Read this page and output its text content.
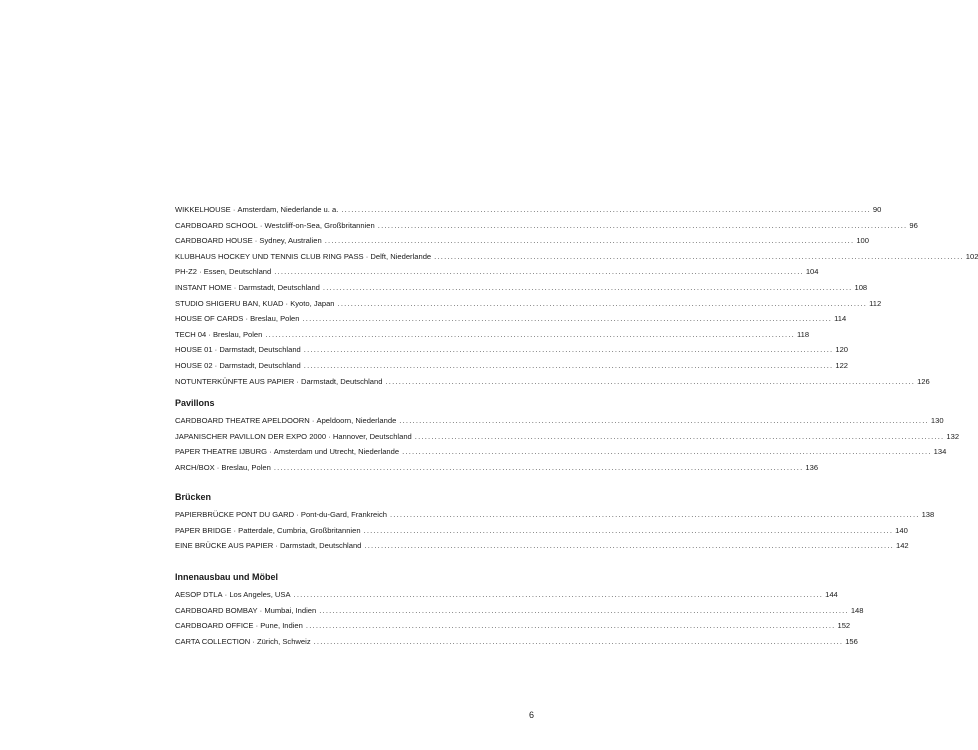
WIKKELHOUSE · Amsterdam, Niederlande u. a. ................................................................................................................................................................ 90
CARDBOARD SCHOOL · Westcliff-on-Sea, Großbritannien ................................................................................................................................................................ 96
CARDBOARD HOUSE · Sydney, Australien ................................................................................................................................................................ 100
KLUBHAUS HOCKEY UND TENNIS CLUB RING PASS · Delft, Niederlande ................................................................................................................................................................ 102
PH-Z2 · Essen, Deutschland ................................................................................................................................................................ 104
INSTANT HOME · Darmstadt, Deutschland ................................................................................................................................................................ 108
STUDIO SHIGERU BAN, KUAD · Kyoto, Japan ................................................................................................................................................................ 112
HOUSE OF CARDS · Breslau, Polen ................................................................................................................................................................ 114
TECH 04 · Breslau, Polen ................................................................................................................................................................ 118
HOUSE 01 · Darmstadt, Deutschland ................................................................................................................................................................ 120
HOUSE 02 · Darmstadt, Deutschland ................................................................................................................................................................ 122
NOTUNTERKÜNFTE AUS PAPIER · Darmstadt, Deutschland ................................................................................................................................................................ 126
Pavillons
CARDBOARD THEATRE APELDOORN · Apeldoorn, Niederlande ................................................................................................................................................................ 130
JAPANISCHER PAVILLON DER EXPO 2000 · Hannover, Deutschland ................................................................................................................................................................ 132
PAPER THEATRE IJBURG · Amsterdam und Utrecht, Niederlande ................................................................................................................................................................ 134
ARCH/BOX · Breslau, Polen ................................................................................................................................................................ 136
Brücken
PAPIERBRÜCKE PONT DU GARD · Pont-du-Gard, Frankreich ................................................................................................................................................................ 138
PAPER BRIDGE · Patterdale, Cumbria, Großbritannien ................................................................................................................................................................ 140
EINE BRÜCKE AUS PAPIER · Darmstadt, Deutschland ................................................................................................................................................................ 142
Innenausbau und Möbel
AESOP DTLA · Los Angeles, USA ................................................................................................................................................................ 144
CARDBOARD BOMBAY · Mumbai, Indien ................................................................................................................................................................ 148
CARDBOARD OFFICE · Pune, Indien ................................................................................................................................................................ 152
CARTA COLLECTION · Zürich, Schweiz ................................................................................................................................................................ 156
6
